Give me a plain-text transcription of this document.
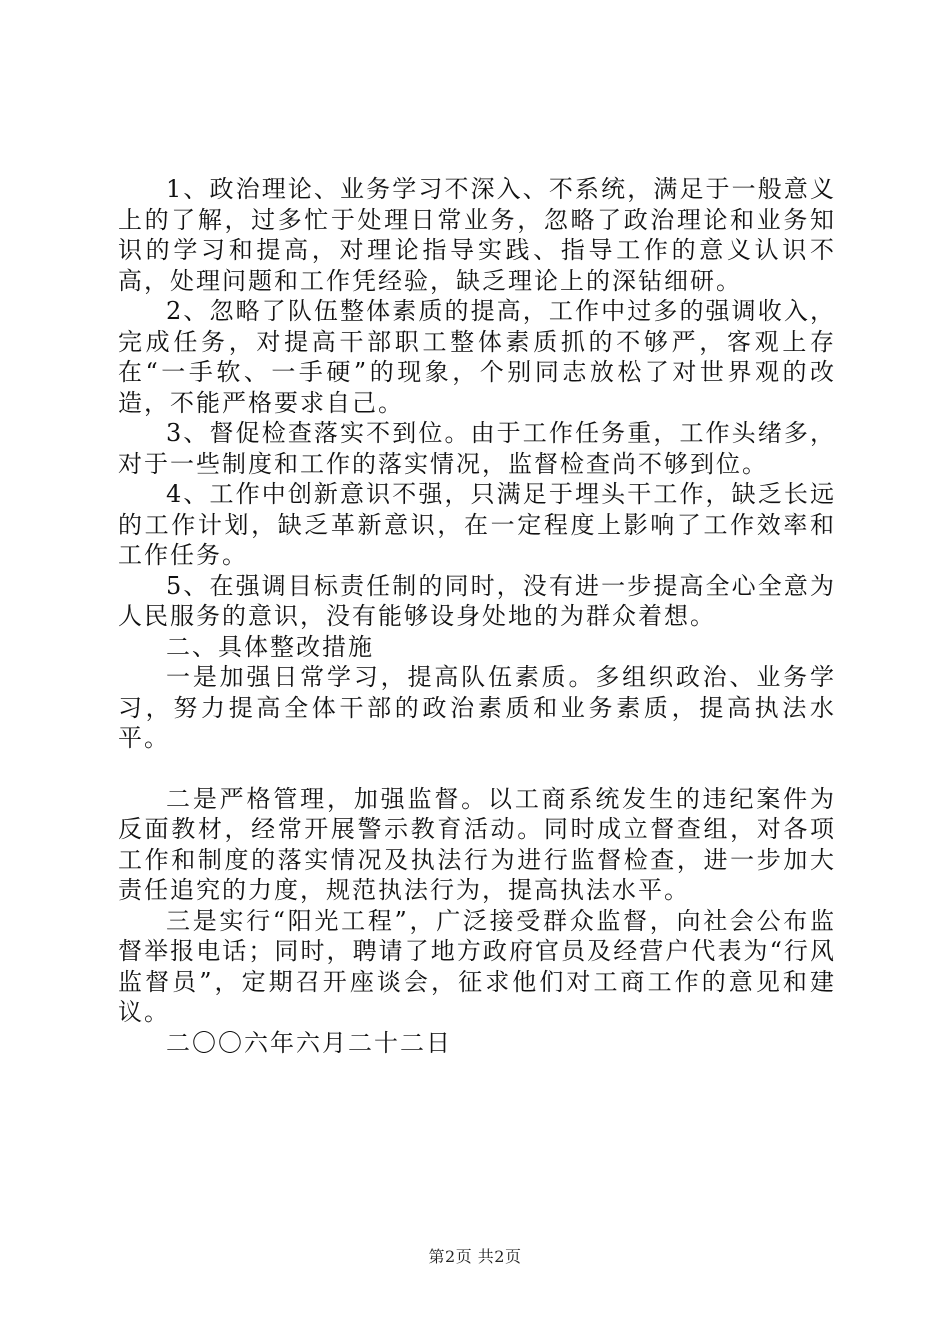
1、政治理论、业务学习不深入、不系统，满足于一般意义上的了解，过多忙于处理日常业务，忽略了政治理论和业务知识的学习和提高，对理论指导实践、指导工作的意义认识不高，处理问题和工作凭经验，缺乏理论上的深钻细研。

2、忽略了队伍整体素质的提高，工作中过多的强调收入，完成任务，对提高干部职工整体素质抓的不够严，客观上存在“一手软、一手硬”的现象，个别同志放松了对世界观的改造，不能严格要求自己。

3、督促检查落实不到位。由于工作任务重，工作头绪多，对于一些制度和工作的落实情况，监督检查尚不够到位。

4、工作中创新意识不强，只满足于埋头干工作，缺乏长远的工作计划，缺乏革新意识，在一定程度上影响了工作效率和工作任务。

5、在强调目标责任制的同时，没有进一步提高全心全意为人民服务的意识，没有能够设身处地的为群众着想。

二、具体整改措施

一是加强日常学习，提高队伍素质。多组织政治、业务学习，努力提高全体干部的政治素质和业务素质，提高执法水平。

二是严格管理，加强监督。以工商系统发生的违纪案件为反面教材，经常开展警示教育活动。同时成立督查组，对各项工作和制度的落实情况及执法行为进行监督检查，进一步加大责任追究的力度，规范执法行为，提高执法水平。

三是实行“阳光工程”，广泛接受群众监督，向社会公布监督举报电话；同时，聘请了地方政府官员及经营户代表为“行风监督员”，定期召开座谈会，征求他们对工商工作的意见和建议。

二〇〇六年六月二十二日

第2页 共2页
